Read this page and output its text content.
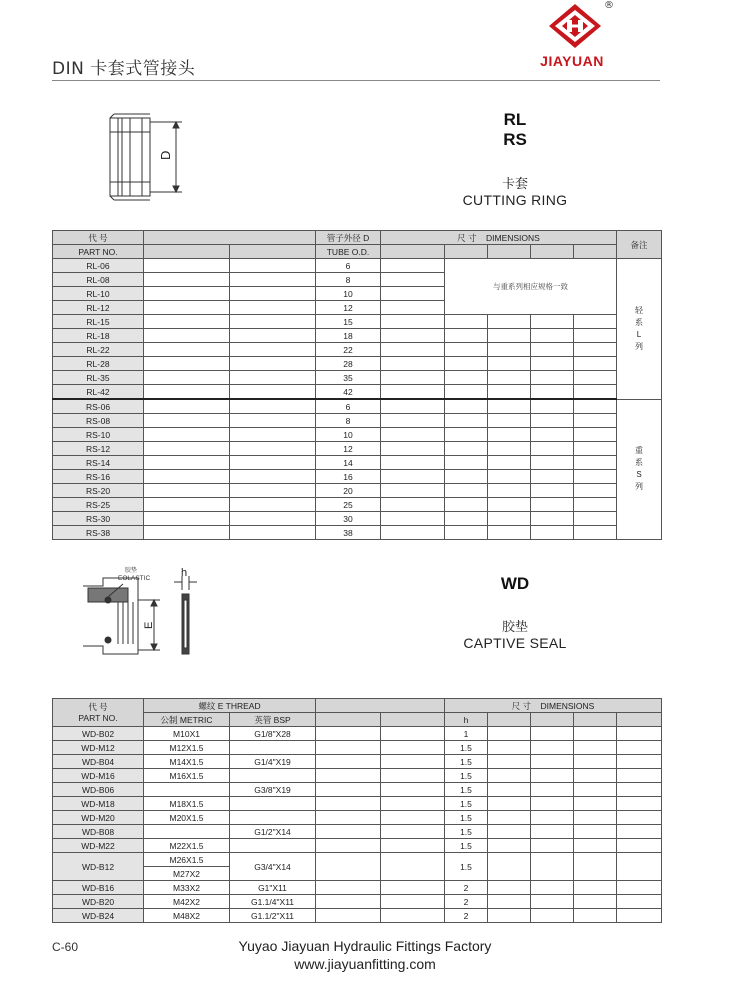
DIN 卡套式管接头
®
JIAYUAN
D
RL
RS
卡套
CUTTING RING
代 号			管子外径 D	尺 寸 DIMENSIONS					备注
PART NO.			TUBE O.D.						
RL-06			6		与重系列相应规格一致				轻系L列
RL-08			8						
RL-10			10						
RL-12			12						
RL-15			15						
RL-18			18						
RL-22			22						
RL-28			28						
RL-35			35						
RL-42			42						
RS-06			6						重系S列
RS-08			8						
RS-10			10						
RS-12			12						
RS-14			14						
RS-16			16						
RS-20			20						
RS-25			25						
RS-30			30						
RS-38			38						
胶垫
EOLASTIC	h
E
WD
胶垫
CAPTIVE SEAL
代 号
PART NO.	螺纹 E THREAD				尺 寸 DIMENSIONS				
	公制 METRIC	英管 BSP			h				
WD-B02	M10X1	G1/8"X28			1				
WD-M12	M12X1.5				1.5				
WD-B04	M14X1.5	G1/4"X19			1.5				
WD-M16	M16X1.5				1.5				
WD-B06		G3/8"X19			1.5				
WD-M18	M18X1.5				1.5				
WD-M20	M20X1.5				1.5				
WD-B08		G1/2"X14			1.5				
WD-M22	M22X1.5				1.5				
WD-B12	M26X1.5	G3/4"X14			1.5				
	M27X2								
WD-B16	M33X2	G1"X11			2				
WD-B20	M42X2	G1.1/4"X11			2				
WD-B24	M48X2	G1.1/2"X11			2				
C-60	Yuyao Jiayuan Hydraulic Fittings Factory
www.jiayuanfitting.com
